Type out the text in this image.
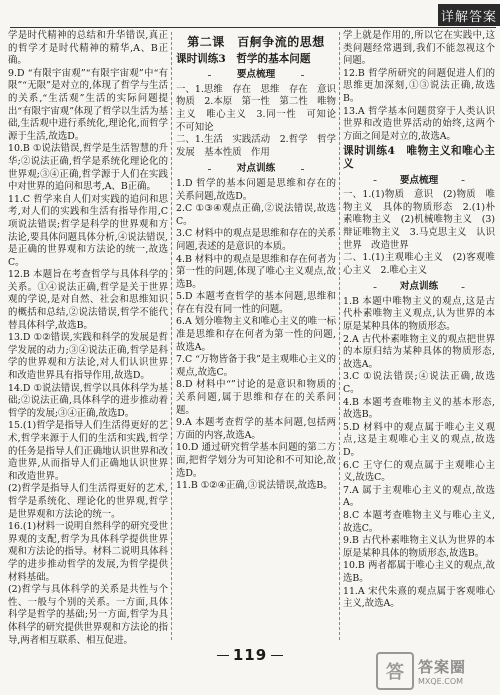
详解答案

学是时代精神的总结和升华错误,真正的哲学才是时代精神的精华,A、B正确。

9.D “有限宇宙观”“有限宇宙观”中“有限”“无限”是对立的,体现了哲学与生活的关系,“生活观”生活的实际问题提出“有限宇宙观”体现了哲学以生活为基础,生活观中进行系统化,理论化,而哲学源于生活,故选D。

10.B ①说法错误,哲学是生活智慧的升华;②说法正确,哲学是系统化理论化的世界观;③④正确,哲学源于人们在实践中对世界的追问和思考,A、B正确。

11.C 哲学来自人们对实践的追问和思考,对人们的实践和生活有指导作用,C项说法错误;哲学是科学的世界观和方法论,要具体问题具体分析,④说法错误,是正确的世界观和方法论的统一,故选C。

12.B 本题旨在考查哲学与具体科学的关系。①④说法正确,哲学是关于世界观的学说,是对自然、社会和思维知识的概括和总结,②说法错误,哲学不能代替具体科学,故选B。

13.D ①②错误,实践和科学的发展是哲学发展的动力;③④说法正确,哲学是科学的世界观和方法论,对人们认识世界和改造世界具有指导作用,故选D。

14.D ①说法错误,哲学以具体科学为基础;②说法正确,具体科学的进步推动着哲学的发展;③④正确,故选D。

15.(1)哲学是指导人们生活得更好的艺术,哲学来源于人们的生活和实践,哲学的任务是指导人们正确地认识世界和改造世界,从而指导人们正确地认识世界和改造世界。

(2)哲学是指导人们生活得更好的艺术,哲学是系统化、理论化的世界观,哲学是世界观和方法论的统一。

16.(1)材料一说明自然科学的研究受世界观的支配,哲学为具体科学提供世界观和方法论的指导。材料二说明具体科学的进步推动哲学的发展,为哲学提供材料基础。

(2)哲学与具体科学的关系是共性与个性、一般与个别的关系。一方面,具体科学是哲学的基础;另一方面,哲学为具体科学的研究提供世界观和方法论的指导,两者相互联系、相互促进。

第二课　百舸争流的思想
课时训练3　哲学的基本问题
要点梳理

一、1.思维　存在　思维　存在　意识　物质　2.本原　第一性　第二性　唯物主义　唯心主义　3.同一性　可知论　不可知论

二、1.生活　实践活动　2.哲学　哲学发展　基本性质　作用

对点训练

1.D 哲学的基本问题是思维和存在的关系问题,故选D。

2.C ①③④观点正确,②说法错误,故选C。

3.C 材料中的观点是思维和存在的关系问题,表述的是意识的本质。

4.B 材料中的观点是思维和存在何者为第一性的问题,体现了唯心主义观点,故选B。

5.D 本题考查哲学的基本问题,思维和存在有没有同一性的问题。

6.A 划分唯物主义和唯心主义的唯一标准是思维和存在何者为第一性的问题,故选A。

7.C “万物皆备于我”是主观唯心主义的观点,故选C。

8.D 材料中“”讨论的是意识和物质的关系问题,属于思维和存在的关系问题。

9.A 本题考查哲学的基本问题,包括两方面的内容,故选A。

10.D 通过研究哲学基本问题的第二方面,把哲学划分为可知论和不可知论,故选D。

11.B ①②④正确,③说法错误,故选B。

学上就是作用的,所以它在实践中,这类问题经常遇到,我们不能忽视这个问题。

12.B 哲学所研究的问题促进人们的思维更加深刻,①③说法正确,故选B。

13.A 哲学基本问题贯穿于人类认识世界和改造世界活动的始终,这两个方面之间是对立的,故选A。

课时训练4　唯物主义和唯心主义
要点梳理

一、1.(1)物质　意识　(2)物质　唯物主义　具体的物质形态　2.(1)朴素唯物主义　(2)机械唯物主义　(3)辩证唯物主义　3.马克思主义　认识世界　改造世界

二、1.(1)主观唯心主义　(2)客观唯心主义　2.唯心主义

对点训练

1.B 本题中唯物主义的观点,这是古代朴素唯物主义观点,认为世界的本原是某种具体的物质形态。

2.A 古代朴素唯物主义的观点把世界的本原归结为某种具体的物质形态,故选A。

3.C ①说法错误;④说法正确,故选C。

4.B 本题考查唯物主义的基本形态,故选B。

5.D 材料中的观点属于唯心主义观点,这是主观唯心主义的观点,故选D。

6.C 王守仁的观点属于主观唯心主义,故选C。

7.A 属于主观唯心主义的观点,故选A。

8.C 本题考查唯物主义与唯心主义,故选C。

9.B 古代朴素唯物主义认为世界的本原是某种具体的物质形态,故选B。

10.B 两者都属于唯心主义的观点,故选B。

11.A 宋代朱熹的观点属于客观唯心主义,故选A。

119
答 答案圈
MXQE.COM
